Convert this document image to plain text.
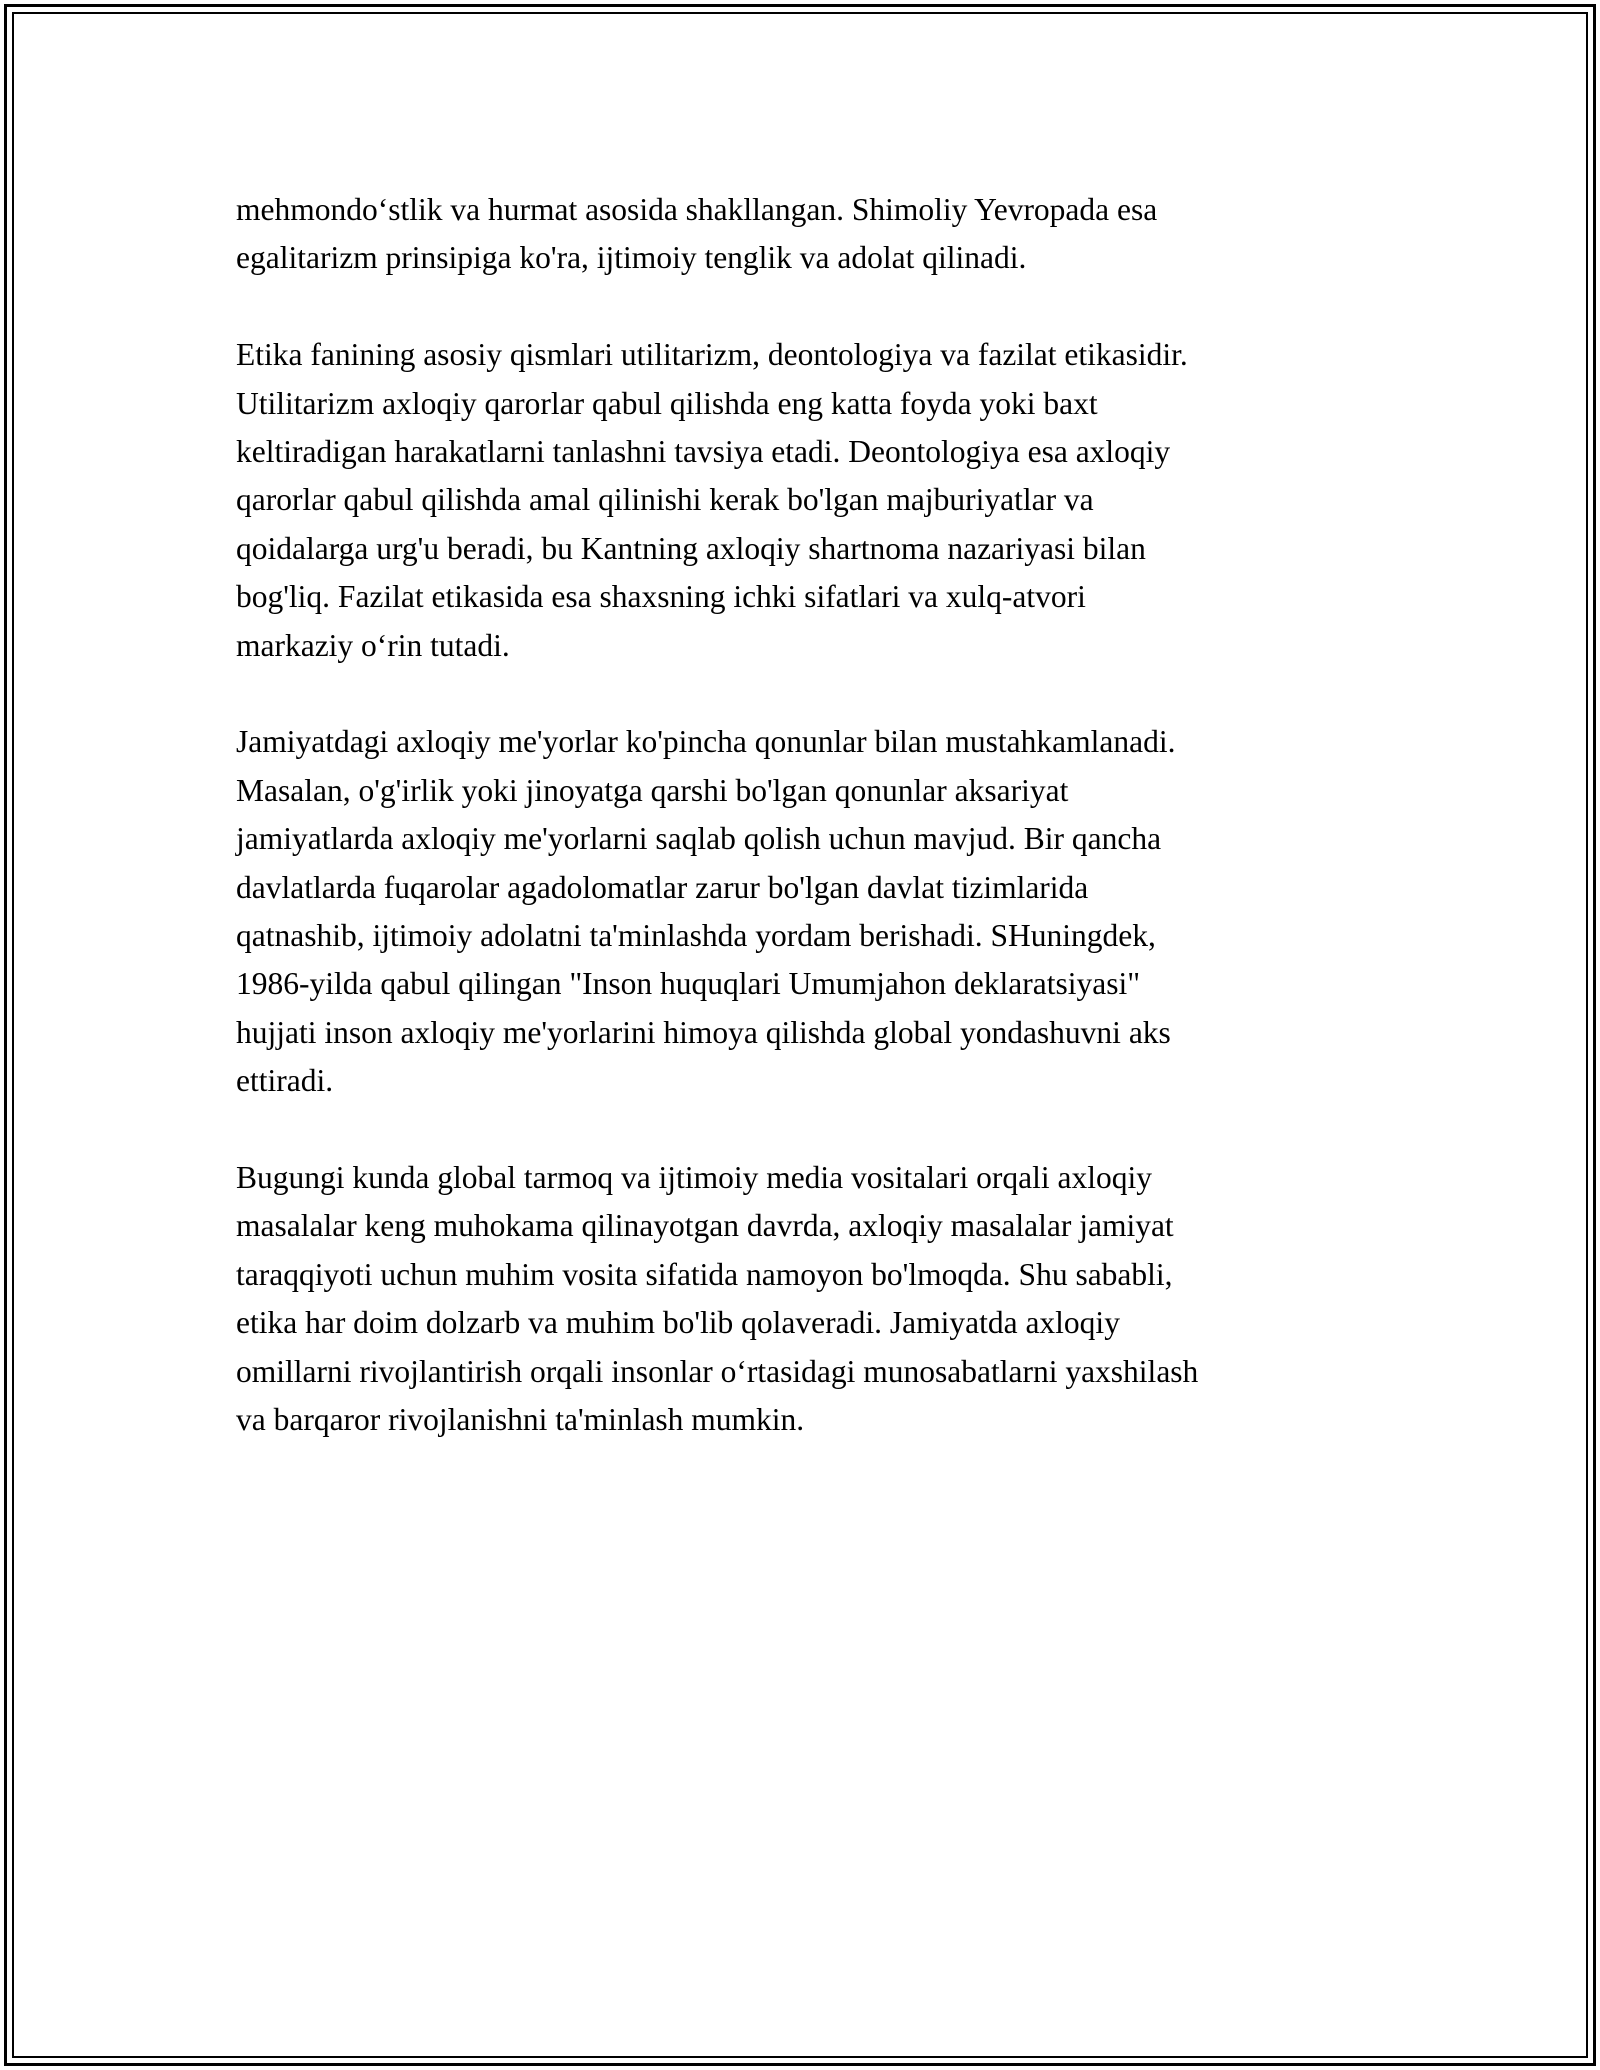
mehmondo‘stlik va hurmat asosida shakllangan. Shimoliy Yevropada esa
egalitarizm prinsipiga ko'ra, ijtimoiy tenglik va adolat qilinadi.

Etika fanining asosiy qismlari utilitarizm, deontologiya va fazilat etikasidir.
Utilitarizm axloqiy qarorlar qabul qilishda eng katta foyda yoki baxt
keltiradigan harakatlarni tanlashni tavsiya etadi. Deontologiya esa axloqiy
qarorlar qabul qilishda amal qilinishi kerak bo'lgan majburiyatlar va
qoidalarga urg'u beradi, bu Kantning axloqiy shartnoma nazariyasi bilan
bog'liq. Fazilat etikasida esa shaxsning ichki sifatlari va xulq-atvori
markaziy o‘rin tutadi.

Jamiyatdagi axloqiy me'yorlar ko'pincha qonunlar bilan mustahkamlanadi.
Masalan, o'g'irlik yoki jinoyatga qarshi bo'lgan qonunlar aksariyat
jamiyatlarda axloqiy me'yorlarni saqlab qolish uchun mavjud. Bir qancha
davlatlarda fuqarolar agadolomatlar zarur bo'lgan davlat tizimlarida
qatnashib, ijtimoiy adolatni ta'minlashda yordam berishadi. SHuningdek,
1986-yilda qabul qilingan "Inson huquqlari Umumjahon deklaratsiyasi"
hujjati inson axloqiy me'yorlarini himoya qilishda global yondashuvni aks
ettiradi.

Bugungi kunda global tarmoq va ijtimoiy media vositalari orqali axloqiy
masalalar keng muhokama qilinayotgan davrda, axloqiy masalalar jamiyat
taraqqiyoti uchun muhim vosita sifatida namoyon bo'lmoqda. Shu sababli,
etika har doim dolzarb va muhim bo'lib qolaveradi. Jamiyatda axloqiy
omillarni rivojlantirish orqali insonlar o‘rtasidagi munosabatlarni yaxshilash
va barqaror rivojlanishni ta'minlash mumkin.
